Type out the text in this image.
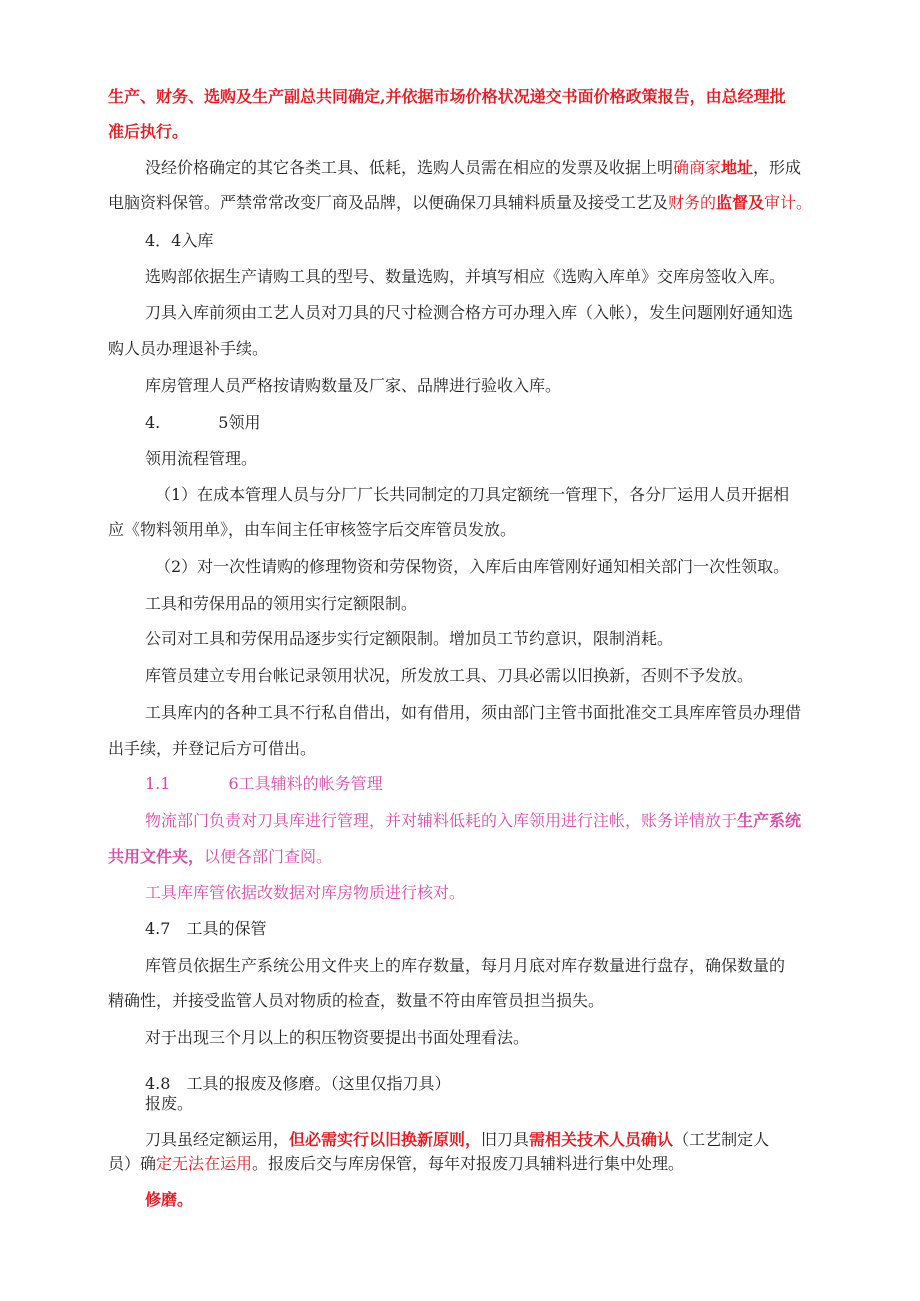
生产、财务、选购及生产副总共同确定,并依据市场价格状况递交书面价格政策报告，由总经理批
准后执行。
没经价格确定的其它各类工具、低耗，选购人员需在相应的发票及收据上明确商家地址，形成
电脑资料保管。严禁常常改变厂商及品牌，以便确保刀具辅料质量及接受工艺及财务的监督及审计。
4．4入库
选购部依据生产请购工具的型号、数量选购，并填写相应《选购入库单》交库房签收入库。
刀具入库前须由工艺人员对刀具的尺寸检测合格方可办理入库（入帐），发生问题刚好通知选
购人员办理退补手续。
库房管理人员严格按请购数量及厂家、品牌进行验收入库。
4.	5领用
领用流程管理。
（1）在成本管理人员与分厂厂长共同制定的刀具定额统一管理下，各分厂运用人员开据相
应《物料领用单》，由车间主任审核签字后交库管员发放。
（2）对一次性请购的修理物资和劳保物资，入库后由库管刚好通知相关部门一次性领取。
工具和劳保用品的领用实行定额限制。
公司对工具和劳保用品逐步实行定额限制。增加员工节约意识，限制消耗。
库管员建立专用台帐记录领用状况，所发放工具、刀具必需以旧换新，否则不予发放。
工具库内的各种工具不行私自借出，如有借用，须由部门主管书面批准交工具库库管员办理借
出手续，并登记后方可借出。
1.1	6工具辅料的帐务管理
物流部门负责对刀具库进行管理，并对辅料低耗的入库领用进行注帐，账务详情放于生产系统
共用文件夹，以便各部门查阅。
工具库库管依据改数据对库房物质进行核对。
4.7　工具的保管
库管员依据生产系统公用文件夹上的库存数量，每月月底对库存数量进行盘存，确保数量的
精确性，并接受监管人员对物质的检查，数量不符由库管员担当损失。
对于出现三个月以上的积压物资要提出书面处理看法。
4.8　工具的报废及修磨。（这里仅指刀具）
报废。
刀具虽经定额运用，但必需实行以旧换新原则，旧刀具需相关技术人员确认（工艺制定人
员）确定无法在运用。报废后交与库房保管，每年对报废刀具辅料进行集中处理。
修磨。
